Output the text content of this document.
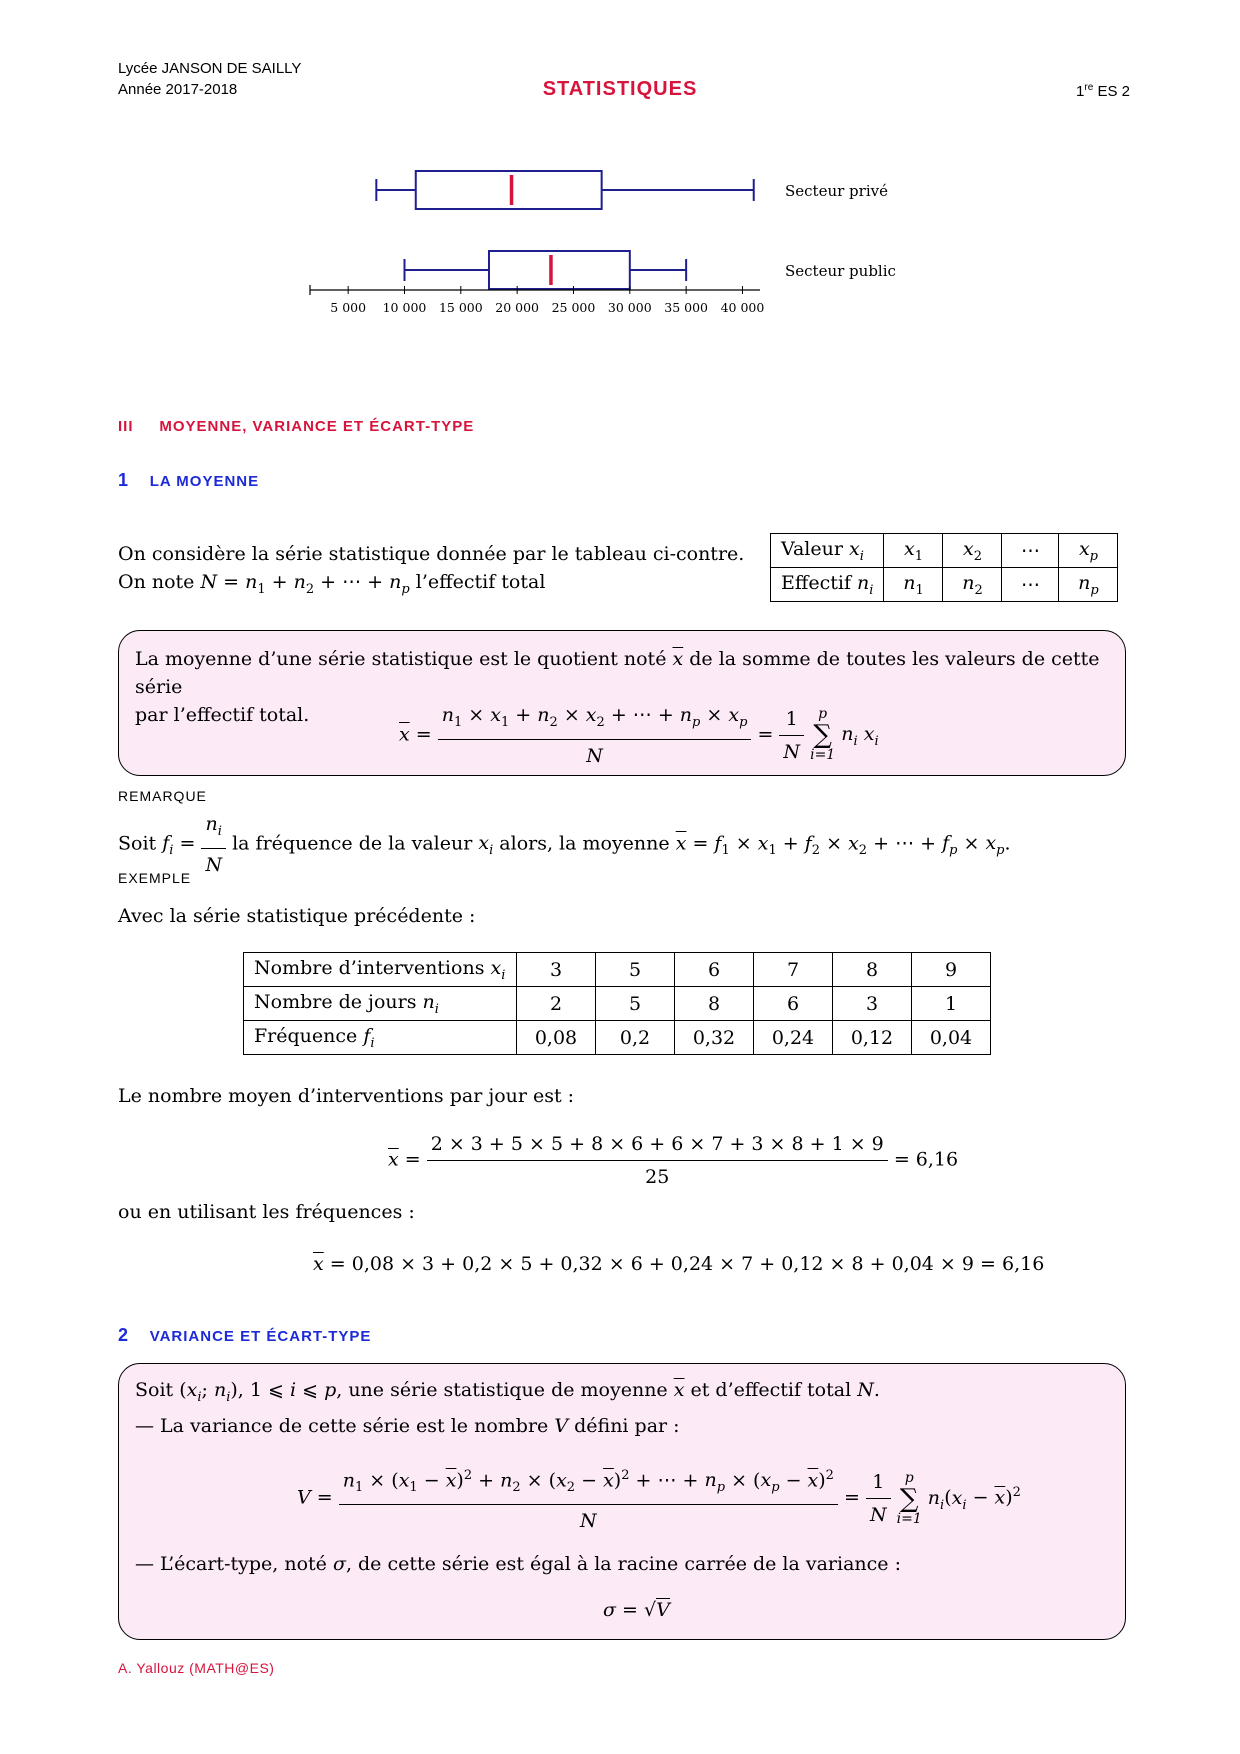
Lycée JANSON DE SAILLY
Année 2017-2018	STATISTIQUES	1re ES 2
Secteur privé
Secteur public
5 000 10 000 15 000 20 000 25 000 30 000 35 000 40 000
III MOYENNE, VARIANCE ET ÉCART-TYPE
1 LA MOYENNE
On considère la série statistique donnée par le tableau ci-contre.
On note $N = n_1 + n_2$ + ⋯ + $n_p$ l’effectif total
Valeur $x_i$	$x_1$	$x_2$	⋯	$x_p$
Effectif $n_i$	$n_1$	$n_2$	⋯	$n_p$
La moyenne d’une série statistique est le quotient noté $\overline{x}$ de la somme de toutes les valeurs de cette série
par l’effectif total.
$\overline{x} = \frac{n_1 \times x_1 + n_2 \times x_2 + \cdots + n_p \times x_p}{N} = \frac{1}{N}$
	p
∑
i=1
$n_i$ $x_i$
REMARQUE
Soit $f_i = \frac{n_i}{N}$ la fréquence de la valeur $x_i$ alors, la moyenne $\overline{x} = f_1 \times x_1 + f_2 \times x_2$ + ⋯ + $f_p \times x_p$.
EXEMPLE
Avec la série statistique précédente :
Nombre d’interventions $x_i$	3	5	6	7	8	9
Nombre de jours $n_i$	2	5	8	6	3	1
Fréquence $f_i$	0,08	0,2	0,32	0,24	0,12	0,04
Le nombre moyen d’interventions par jour est :
$\overline{x} = \frac{2 \times 3 + 5 \times 5 + 8 \times 6 + 6 \times 7 + 3 \times 8 + 1 \times 9}{25} = 6,16$
ou en utilisant les fréquences :
$\overline{x} = 0,08 \times 3 + 0,2 \times 5 + 0,32 \times 6 + 0,24 \times 7 + 0,12 \times 8 + 0,04 \times 9 = 6,16$
2 VARIANCE ET ÉCART-TYPE
Soit ($x_i$; $n_i$), 1 ⩽ i ⩽ p, une série statistique de moyenne $\overline{x}$ et d’effectif total N.
— La variance de cette série est le nombre V défini par :
$V = \frac{n_1 \times (x_1 - \overline{x})^2 + n_2 \times (x_2 - \overline{x})^2 + \cdots + n_p \times (x_p - \overline{x})^2}{N} = \frac{1}{N}$
	p
∑
i=1
$n_i(x_i - \overline{x})^2$
— L’écart-type, noté σ, de cette série est égal à la racine carrée de la variance :
σ = √V
A. Yallouz (MATH@ES)
